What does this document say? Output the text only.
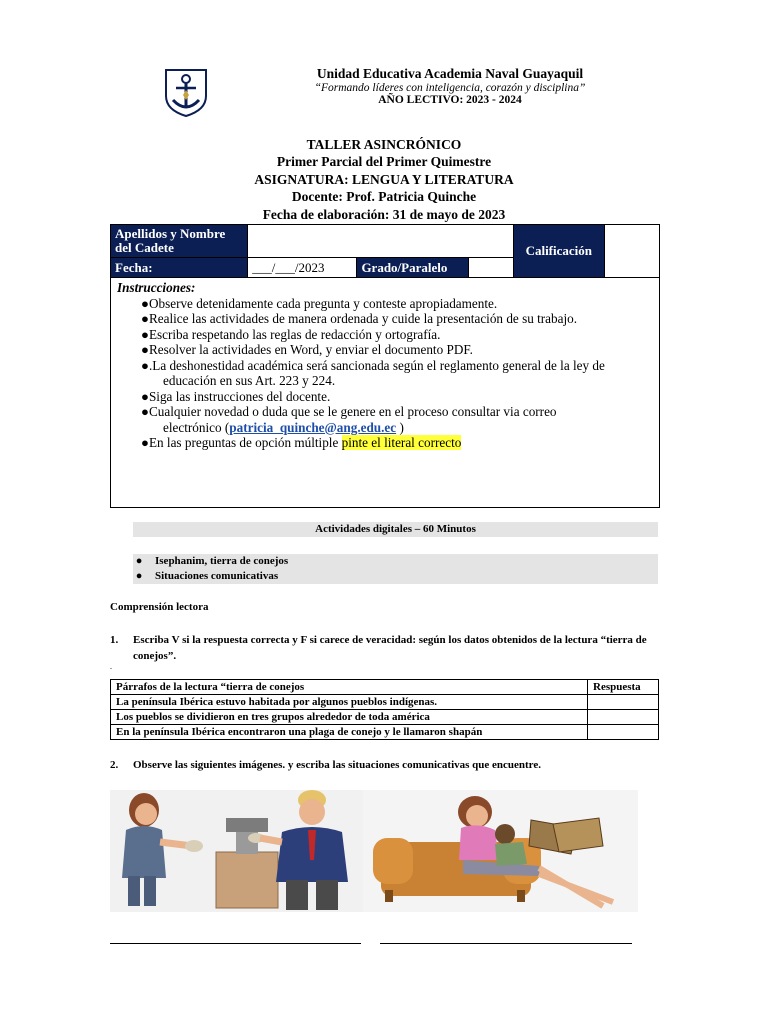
Unidad Educativa Academia Naval Guayaquil
“Formando líderes con inteligencia, corazón y disciplina”
AÑO LECTIVO: 2023 - 2024
TALLER ASINCRÓNICO
Primer Parcial del Primer Quimestre
ASIGNATURA: LENGUA Y LITERATURA
Docente: Prof. Patricia Quinche
Fecha de elaboración: 31 de mayo de 2023
Apellidos y Nombre del Cadete				Calificación	
Fecha:	___/___/2023	Grado/Paralelo			
Instrucciones:
●Observe detenidamente cada pregunta y conteste apropiadamente.
●Realice las actividades de manera ordenada y cuide la presentación de su trabajo.
●Escriba respetando las reglas de redacción y ortografía.
●Resolver la actividades en Word, y enviar el documento PDF.
●.La deshonestidad académica será sancionada según el reglamento general de la ley de
educación en sus Art. 223 y 224.
●Siga las instrucciones del docente.
●Cualquier novedad o duda que se le genere en el proceso consultar via correo
electrónico (patricia_quinche@ang.edu.ec )
●En las preguntas de opción múltiple pinte el literal correcto
Actividades digitales – 60 Minutos
● Isephanim, tierra de conejos
● Situaciones comunicativas
Comprensión lectora
1. Escriba V si la respuesta correcta y F si carece de veracidad: según los datos obtenidos de la lectura “tierra de conejos”.
.
Párrafos de la lectura “tierra de conejos	Respuesta
La península Ibérica estuvo habitada por algunos pueblos indígenas.	
Los pueblos se dividieron en tres grupos alrededor de toda américa	
En la península Ibérica encontraron una plaga de conejo y le llamaron shapán	
2. Observe las siguientes imágenes. y escriba las situaciones comunicativas que encuentre.
